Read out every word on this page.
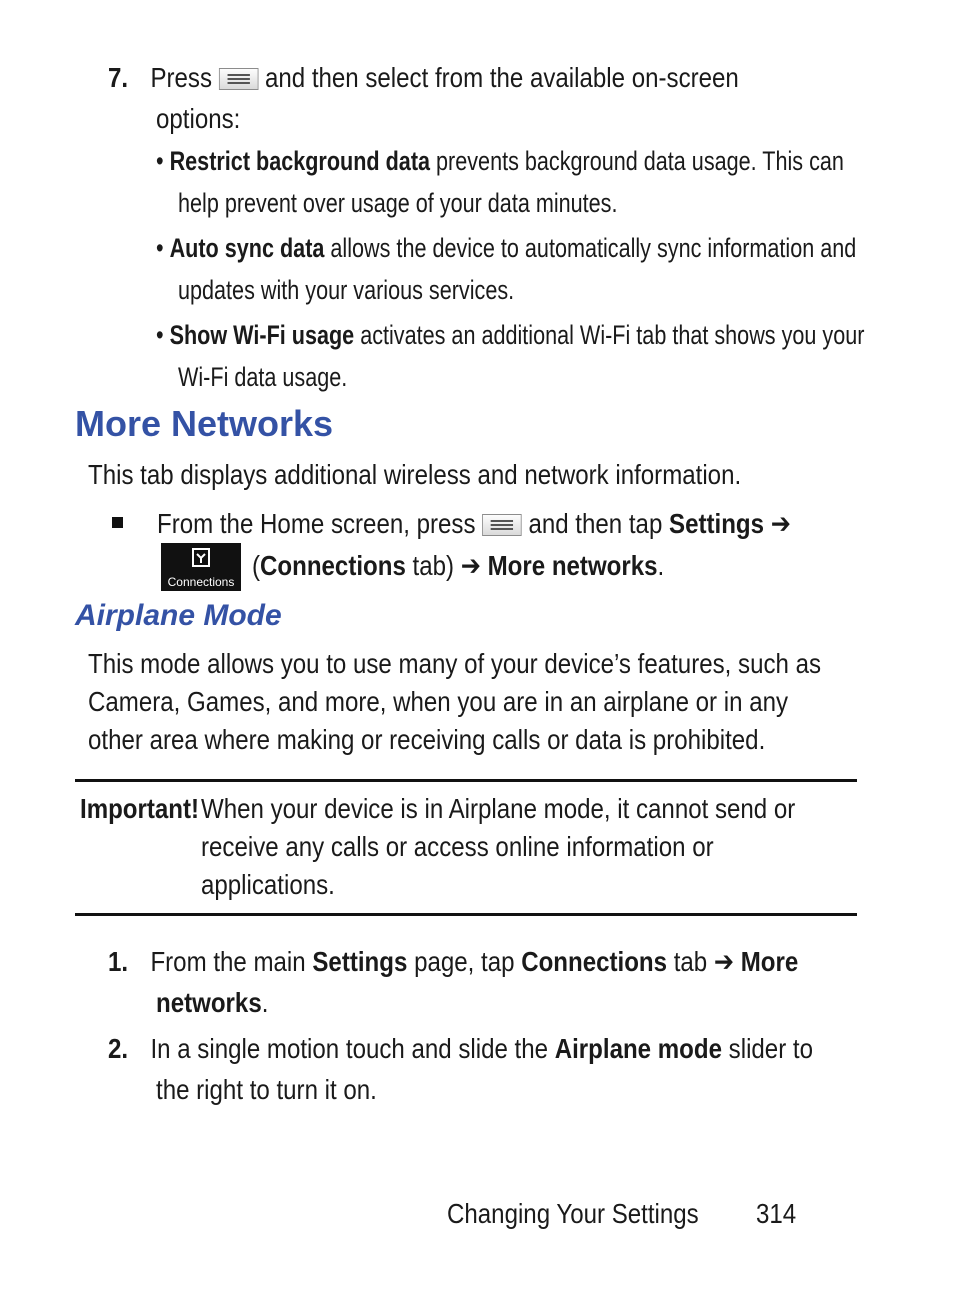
7. Press and then select from the available on-screen
options:
• Restrict background data prevents background data usage. This can
help prevent over usage of your data minutes.
• Auto sync data allows the device to automatically sync information and
updates with your various services.
• Show Wi-Fi usage activates an additional Wi-Fi tab that shows you your
Wi-Fi data usage.
More Networks
This tab displays additional wireless and network information.
From the Home screen, press and then tap Settings ➔
Connections
(Connections tab) ➔ More networks.
Airplane Mode
This mode allows you to use many of your device’s features, such as
Camera, Games, and more, when you are in an airplane or in any
other area where making or receiving calls or data is prohibited.
Important! When your device is in Airplane mode, it cannot send or
receive any calls or access online information or
applications.
1. From the main Settings page, tap Connections tab ➔ More
networks.
2. In a single motion touch and slide the Airplane mode slider to
the right to turn it on.
Changing Your Settings	314
